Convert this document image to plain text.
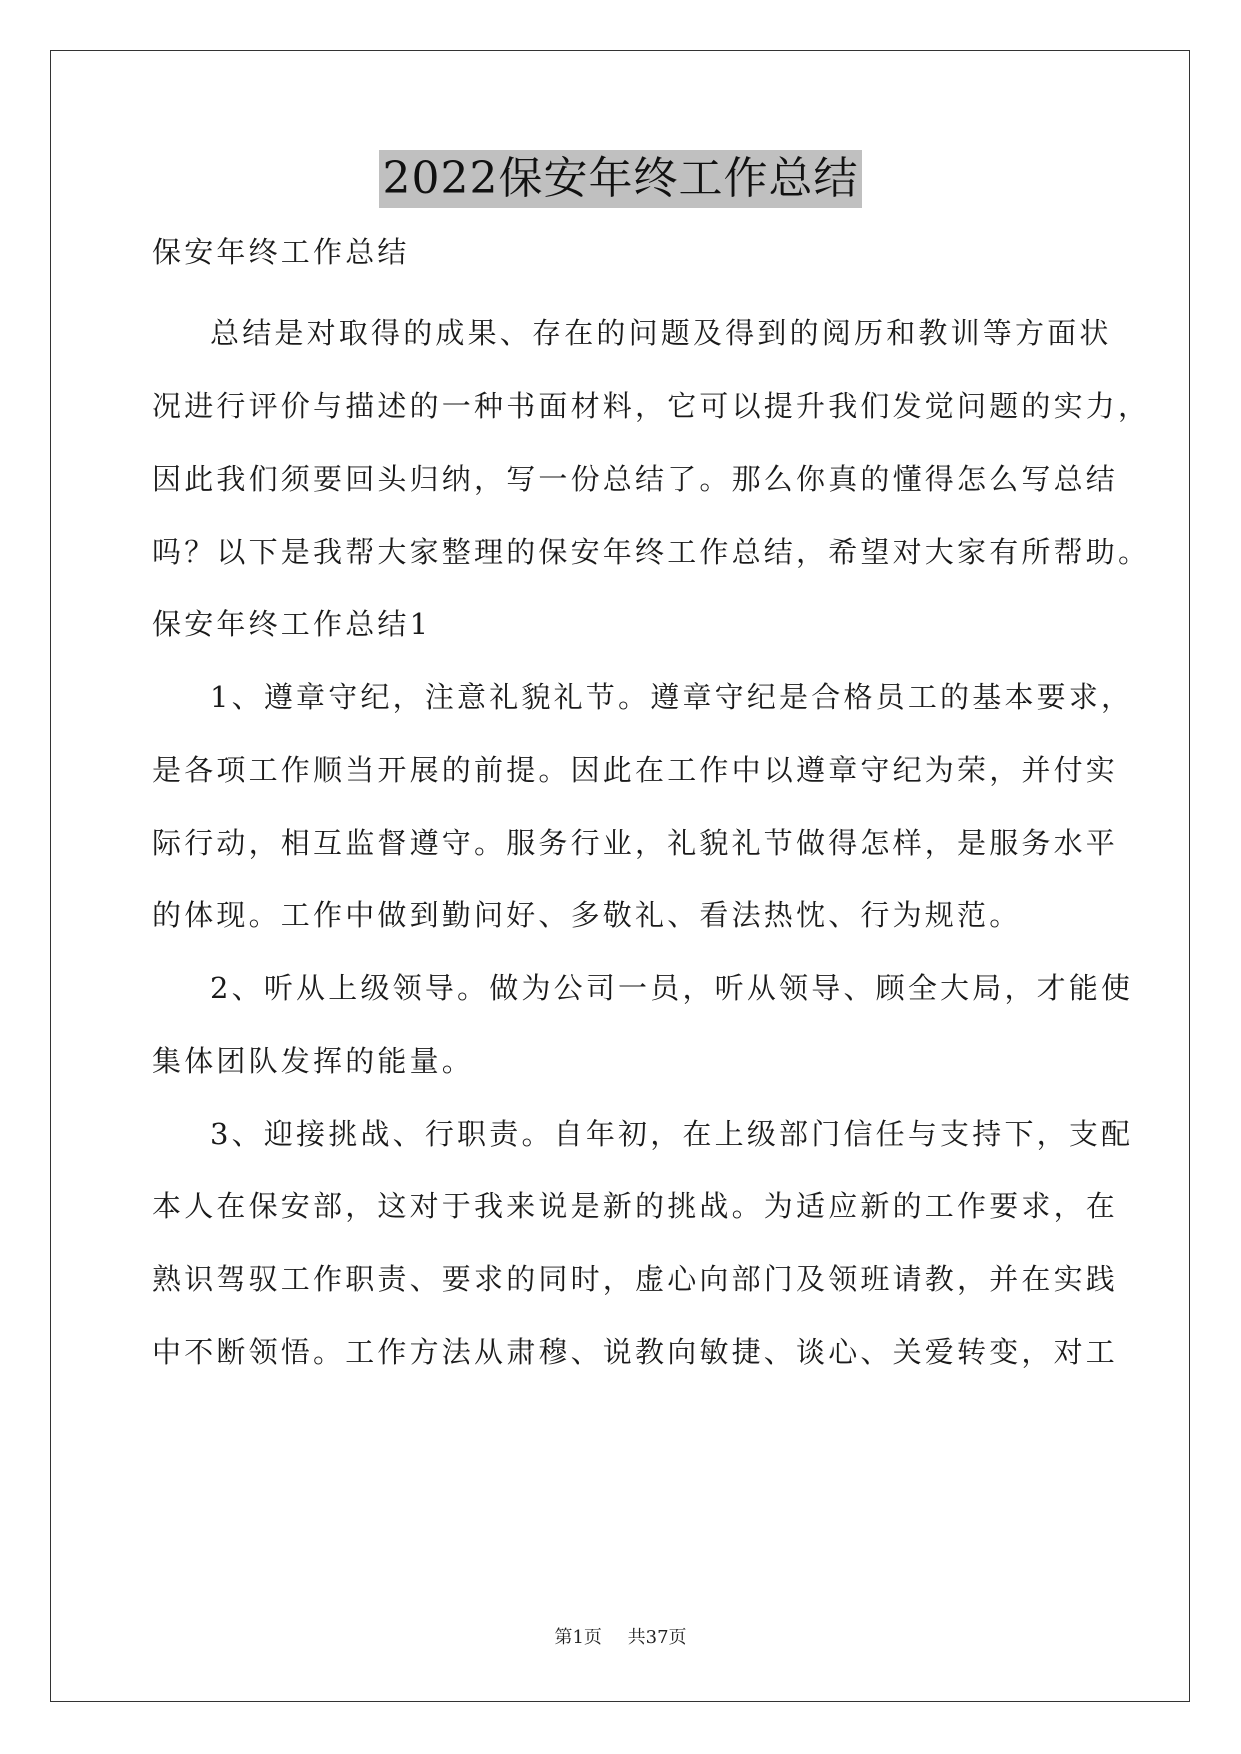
2022保安年终工作总结
保安年终工作总结
总结是对取得的成果、存在的问题及得到的阅历和教训等方面状
况进行评价与描述的一种书面材料，它可以提升我们发觉问题的实力，
因此我们须要回头归纳，写一份总结了。那么你真的懂得怎么写总结
吗？以下是我帮大家整理的保安年终工作总结，希望对大家有所帮助。
保安年终工作总结1
1、遵章守纪，注意礼貌礼节。遵章守纪是合格员工的基本要求，
是各项工作顺当开展的前提。因此在工作中以遵章守纪为荣，并付实
际行动，相互监督遵守。服务行业，礼貌礼节做得怎样，是服务水平
的体现。工作中做到勤问好、多敬礼、看法热忱、行为规范。
2、听从上级领导。做为公司一员，听从领导、顾全大局，才能使
集体团队发挥的能量。
3、迎接挑战、行职责。自年初，在上级部门信任与支持下，支配
本人在保安部，这对于我来说是新的挑战。为适应新的工作要求，在
熟识驾驭工作职责、要求的同时，虚心向部门及领班请教，并在实践
中不断领悟。工作方法从肃穆、说教向敏捷、谈心、关爱转变，对工
第1页 共37页
